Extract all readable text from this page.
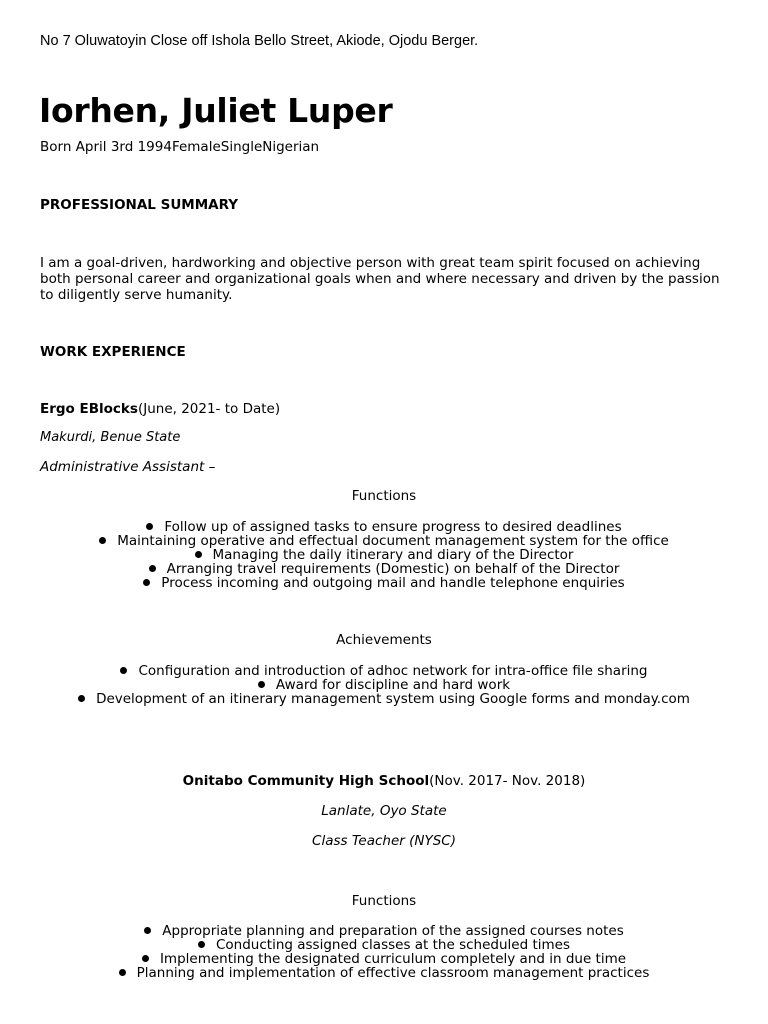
No 7 Oluwatoyin Close off Ishola Bello Street, Akiode, Ojodu Berger.
Iorhen, Juliet Luper
Born April 3rd 1994FemaleSingleNigerian
PROFESSIONAL SUMMARY
I am a goal-driven, hardworking and objective person with great team spirit focused on achieving both personal career and organizational goals when and where necessary and driven by the passion to diligently serve humanity.
WORK EXPERIENCE
Ergo EBlocks(June, 2021- to Date)
Makurdi, Benue State
Administrative Assistant –
Functions
Follow up of assigned tasks to ensure progress to desired deadlines
Maintaining operative and effectual document management system for the office
Managing the daily itinerary and diary of the Director
Arranging travel requirements (Domestic) on behalf of the Director
Process incoming and outgoing mail and handle telephone enquiries
Achievements
Configuration and introduction of adhoc network for intra-office file sharing
Award for discipline and hard work
Development of an itinerary management system using Google forms and monday.com
Onitabo Community High School(Nov. 2017- Nov. 2018)
Lanlate, Oyo State
Class Teacher (NYSC)
Functions
Appropriate planning and preparation of the assigned courses notes
Conducting assigned classes at the scheduled times
Implementing the designated curriculum completely and in due time
Planning and implementation of effective classroom management practices
